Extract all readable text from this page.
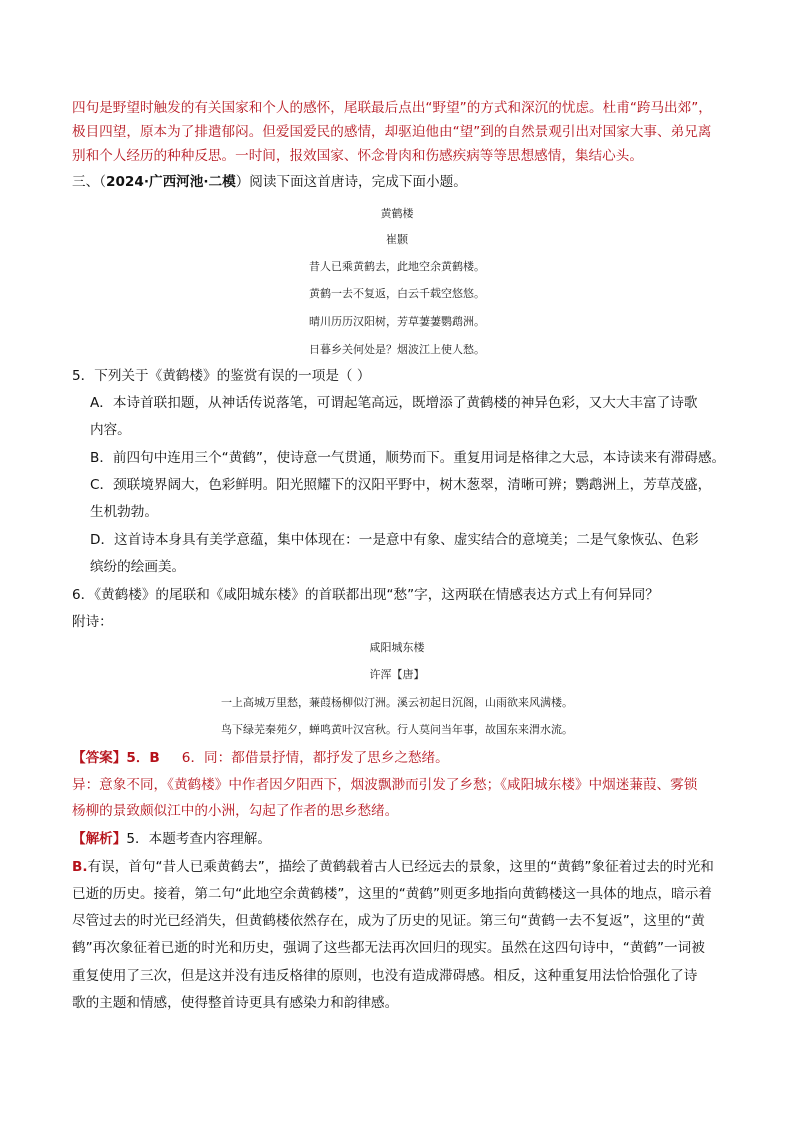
四句是野望时触发的有关国家和个人的感怀，尾联最后点出“野望”的方式和深沉的忧虑。杜甫“跨马出郊”，
极目四望，原本为了排遣郁闷。但爱国爱民的感情，却驱迫他由“望”到的自然景观引出对国家大事、弟兄离
别和个人经历的种种反思。一时间，报效国家、怀念骨肉和伤感疾病等等思想感情，集结心头。
三、（2024·广西河池·二模）阅读下面这首唐诗，完成下面小题。
黄鹤楼
崔颢
昔人已乘黄鹤去，此地空余黄鹤楼。
黄鹤一去不复返，白云千载空悠悠。
晴川历历汉阳树，芳草萋萋鹦鹉洲。
日暮乡关何处是？烟波江上使人愁。
5．下列关于《黄鹤楼》的鉴赏有误的一项是（ ）
A．本诗首联扣题，从神话传说落笔，可谓起笔高远，既增添了黄鹤楼的神异色彩，又大大丰富了诗歌
内容。
B．前四句中连用三个“黄鹤”，使诗意一气贯通，顺势而下。重复用词是格律之大忌，本诗读来有滞碍感。
C．颈联境界阔大，色彩鲜明。阳光照耀下的汉阳平野中，树木葱翠，清晰可辨；鹦鹉洲上，芳草茂盛，
生机勃勃。
D．这首诗本身具有美学意蕴，集中体现在：一是意中有象、虚实结合的意境美；二是气象恢弘、色彩
缤纷的绘画美。
6．《黄鹤楼》的尾联和《咸阳城东楼》的首联都出现“愁”字，这两联在情感表达方式上有何异同？
附诗：
咸阳城东楼
许浑【唐】
一上高城万里愁，蒹葭杨柳似汀洲。溪云初起日沉阁，山雨欲来风满楼。
鸟下绿芜秦苑夕，蝉鸣黄叶汉宫秋。行人莫问当年事，故国东来渭水流。
【答案】5．B 6．同：都借景抒情，都抒发了思乡之愁绪。
异：意象不同，《黄鹤楼》中作者因夕阳西下，烟波飘渺而引发了乡愁；《咸阳城东楼》中烟迷蒹葭、雾锁
杨柳的景致颇似江中的小洲，勾起了作者的思乡愁绪。
【解析】5．本题考查内容理解。
B.有误，首句“昔人已乘黄鹤去”，描绘了黄鹤载着古人已经远去的景象，这里的“黄鹤”象征着过去的时光和
已逝的历史。接着，第二句“此地空余黄鹤楼”，这里的“黄鹤”则更多地指向黄鹤楼这一具体的地点，暗示着
尽管过去的时光已经消失，但黄鹤楼依然存在，成为了历史的见证。第三句“黄鹤一去不复返”，这里的“黄
鹤”再次象征着已逝的时光和历史，强调了这些都无法再次回归的现实。虽然在这四句诗中，“黄鹤”一词被
重复使用了三次，但是这并没有违反格律的原则，也没有造成滞碍感。相反，这种重复用法恰恰强化了诗
歌的主题和情感，使得整首诗更具有感染力和韵律感。
